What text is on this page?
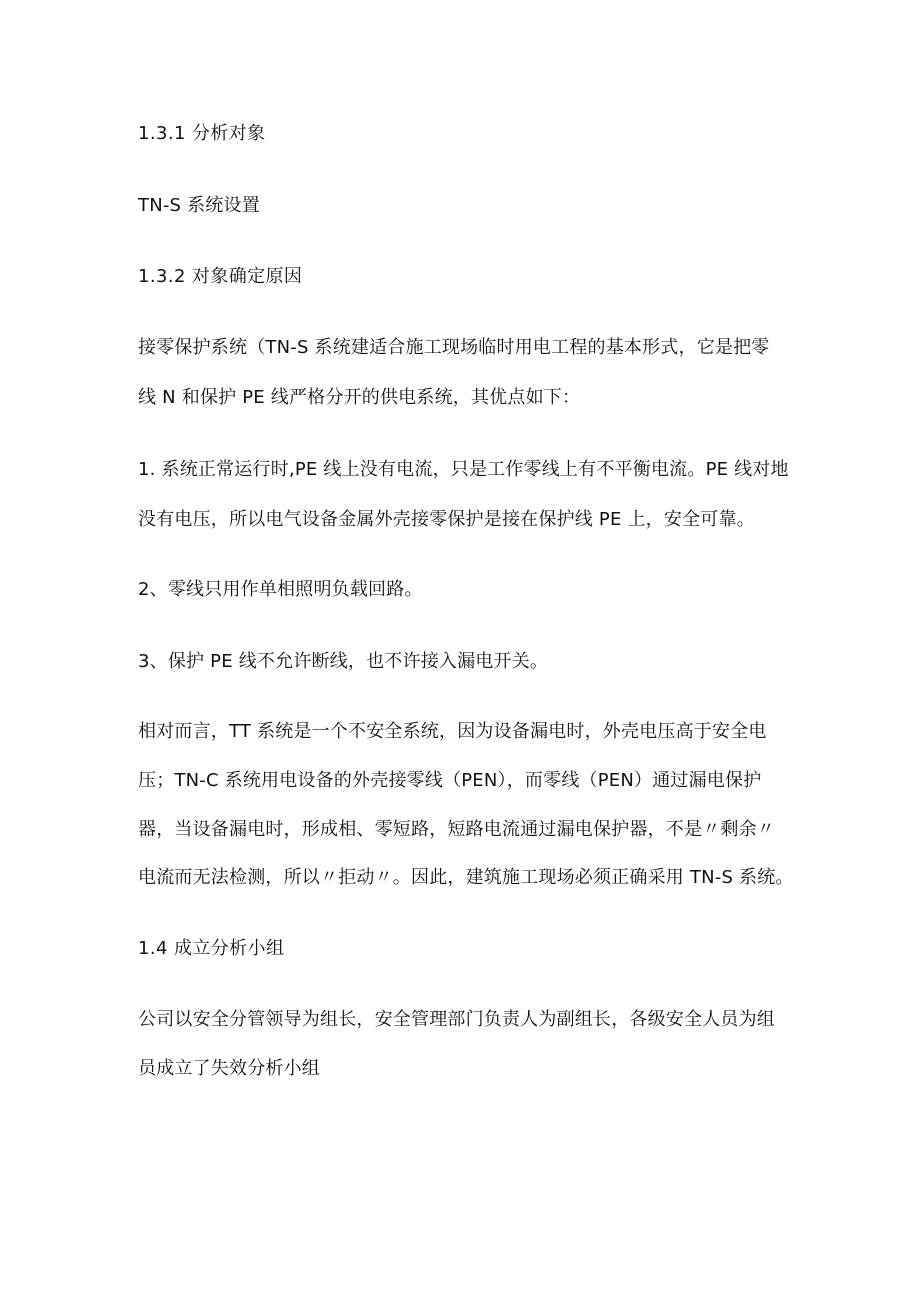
1.3.1 分析对象
TN-S 系统设置
1.3.2 对象确定原因
接零保护系统（TN-S 系统建适合施工现场临时用电工程的基本形式，它是把零
线 N 和保护 PE 线严格分开的供电系统，其优点如下：
1. 系统正常运行时,PE 线上没有电流，只是工作零线上有不平衡电流。PE 线对地
没有电压，所以电气设备金属外壳接零保护是接在保护线 PE 上，安全可靠。
2、零线只用作单相照明负载回路。
3、保护 PE 线不允许断线，也不许接入漏电开关。
相对而言，TT 系统是一个不安全系统，因为设备漏电时，外壳电压高于安全电
压；TN-C 系统用电设备的外壳接零线（PEN），而零线（PEN）通过漏电保护
器，当设备漏电时，形成相、零短路，短路电流通过漏电保护器，不是〃剩余〃
电流而无法检测，所以〃拒动〃。因此，建筑施工现场必须正确采用 TN-S 系统。
1.4 成立分析小组
公司以安全分管领导为组长，安全管理部门负责人为副组长，各级安全人员为组
员成立了失效分析小组
